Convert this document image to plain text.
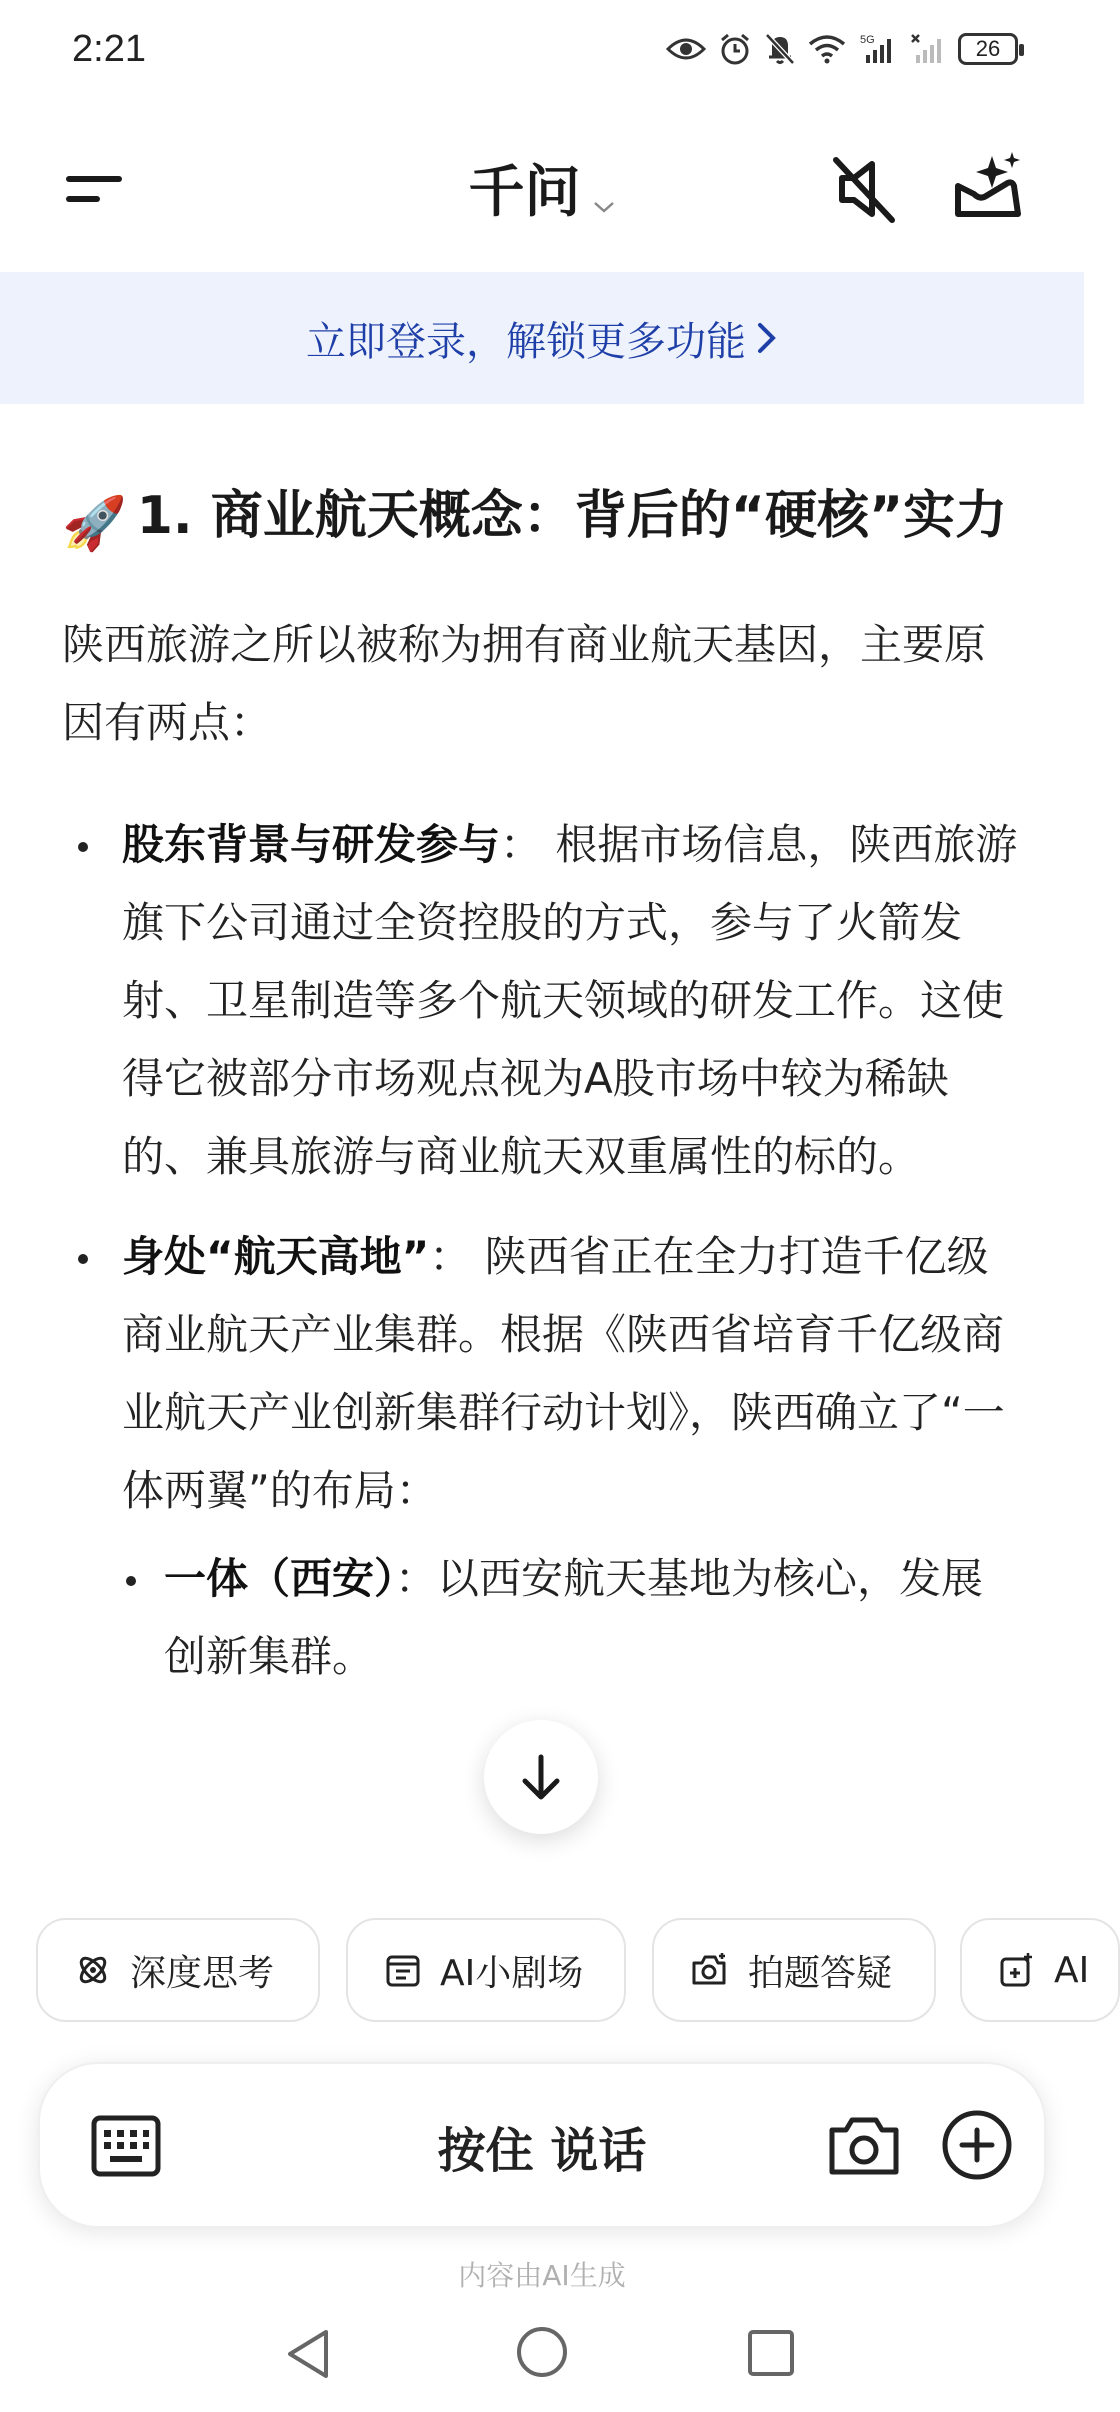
2:21	5G	26
千问
立即登录，解锁更多功能
🚀 1. 商业航天概念：背后的“硬核”实力

陕西旅游之所以被称为拥有商业航天基因，主要原因有两点：

股东背景与研发参与： 根据市场信息，陕西旅游旗下公司通过全资控股的方式，参与了火箭发射、卫星制造等多个航天领域的研发工作。这使得它被部分市场观点视为A股市场中较为稀缺的、兼具旅游与商业航天双重属性的标的。
身处“航天高地”： 陕西省正在全力打造千亿级商业航天产业集群。根据《陕西省培育千亿级商业航天产业创新集群行动计划》，陕西确立了“一体两翼”的布局：
一体（西安）：以西安航天基地为核心，发展创新集群。
深度思考	AI小剧场	拍题答疑	AI
按住 说话
内容由AI生成
